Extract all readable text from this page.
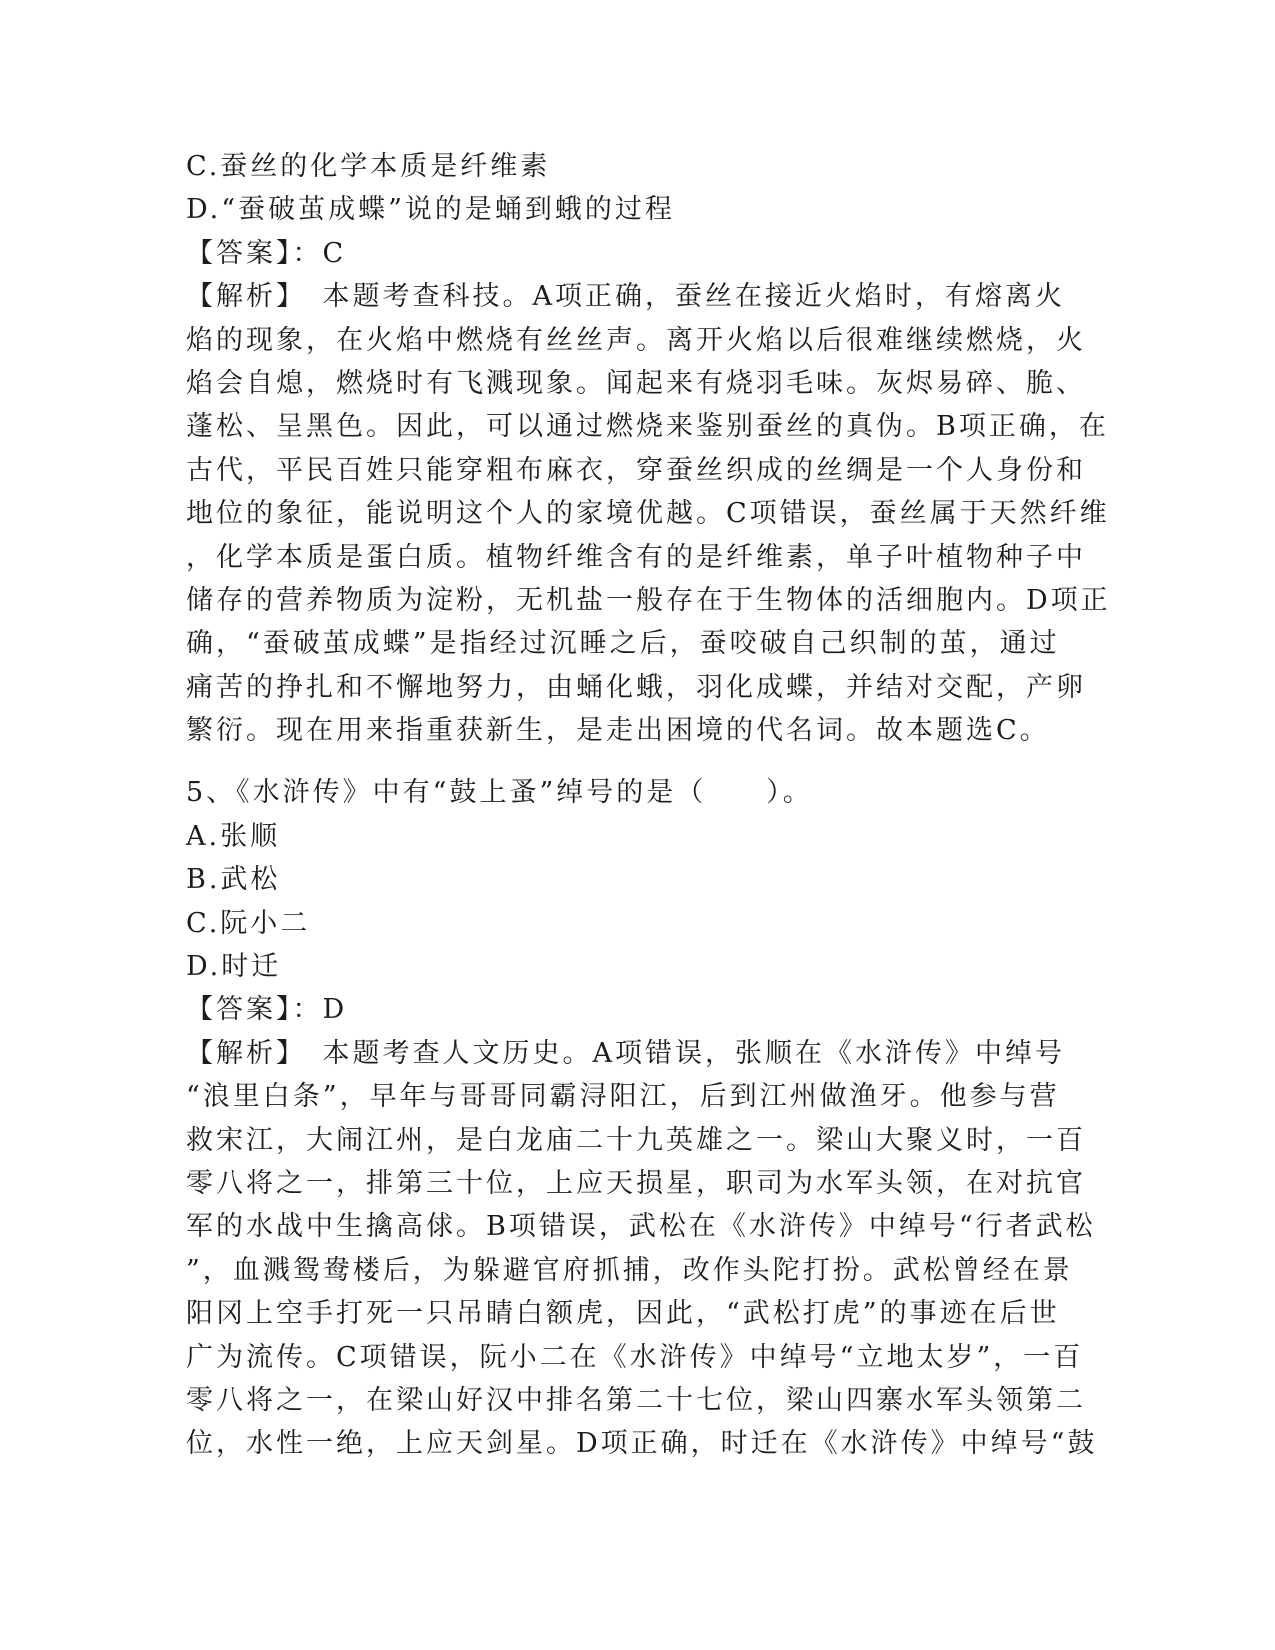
C.蚕丝的化学本质是纤维素
D.“蚕破茧成蝶”说的是蛹到蛾的过程
【答案】：C
【解析】　本题考查科技。A项正确，蚕丝在接近火焰时，有熔离火
焰的现象，在火焰中燃烧有丝丝声。离开火焰以后很难继续燃烧，火
焰会自熄，燃烧时有飞溅现象。闻起来有烧羽毛味。灰烬易碎、脆、
蓬松、呈黑色。因此，可以通过燃烧来鉴别蚕丝的真伪。B项正确，在
古代，平民百姓只能穿粗布麻衣，穿蚕丝织成的丝绸是一个人身份和
地位的象征，能说明这个人的家境优越。C项错误，蚕丝属于天然纤维
，化学本质是蛋白质。植物纤维含有的是纤维素，单子叶植物种子中
储存的营养物质为淀粉，无机盐一般存在于生物体的活细胞内。D项正
确，“蚕破茧成蝶”是指经过沉睡之后，蚕咬破自己织制的茧，通过
痛苦的挣扎和不懈地努力，由蛹化蛾，羽化成蝶，并结对交配，产卵
繁衍。现在用来指重获新生，是走出困境的代名词。故本题选C。
5、《水浒传》中有“鼓上蚤”绰号的是（　　）。
A.张顺
B.武松
C.阮小二
D.时迁
【答案】：D
【解析】　本题考查人文历史。A项错误，张顺在《水浒传》中绰号
“浪里白条”，早年与哥哥同霸浔阳江，后到江州做渔牙。他参与营
救宋江，大闹江州，是白龙庙二十九英雄之一。梁山大聚义时，一百
零八将之一，排第三十位，上应天损星，职司为水军头领，在对抗官
军的水战中生擒高俅。B项错误，武松在《水浒传》中绰号“行者武松
”，血溅鸳鸯楼后，为躲避官府抓捕，改作头陀打扮。武松曾经在景
阳冈上空手打死一只吊睛白额虎，因此，“武松打虎”的事迹在后世
广为流传。C项错误，阮小二在《水浒传》中绰号“立地太岁”，一百
零八将之一，在梁山好汉中排名第二十七位，梁山四寨水军头领第二
位，水性一绝，上应天剑星。D项正确，时迁在《水浒传》中绰号“鼓
